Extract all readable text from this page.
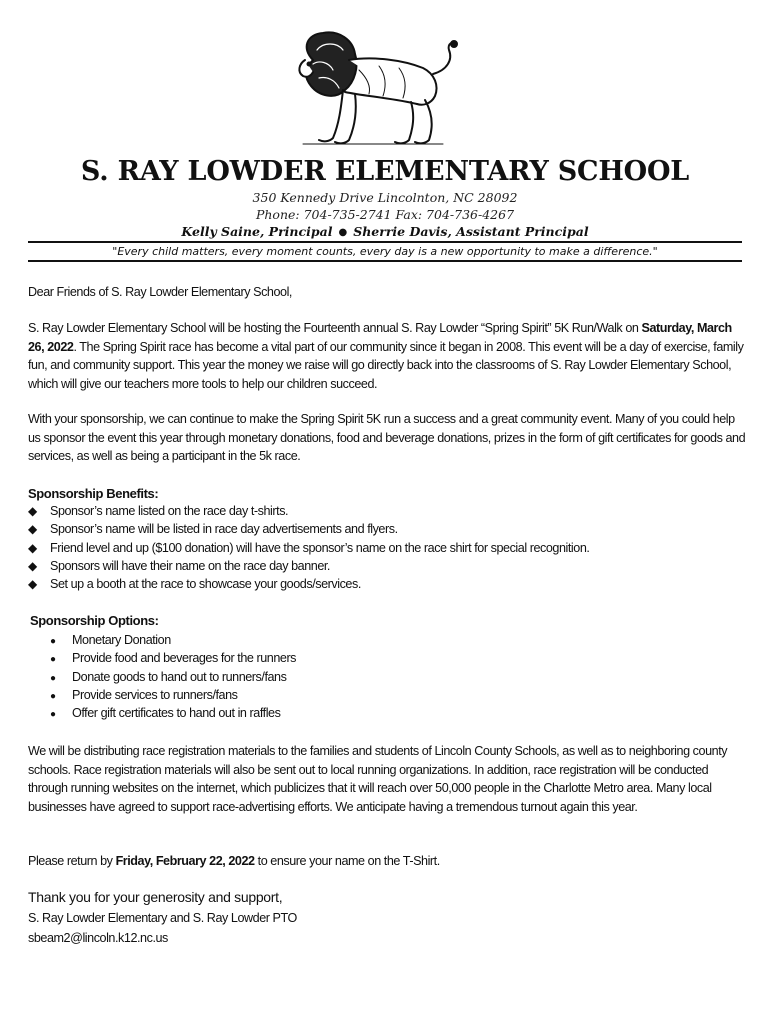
S. RAY LOWDER ELEMENTARY SCHOOL
350 Kennedy Drive Lincolnton, NC 28092
Phone: 704-735-2741 Fax: 704-736-4267
Kelly Saine, Principal ● Sherrie Davis, Assistant Principal
"Every child matters, every moment counts, every day is a new opportunity to make a difference."
Dear Friends of S. Ray Lowder Elementary School,
S. Ray Lowder Elementary School will be hosting the Fourteenth annual S. Ray Lowder “Spring Spirit” 5K Run/Walk on Saturday, March 26, 2022. The Spring Spirit race has become a vital part of our community since it began in 2008. This event will be a day of exercise, family fun, and community support. This year the money we raise will go directly back into the classrooms of S. Ray Lowder Elementary School, which will give our teachers more tools to help our children succeed.
With your sponsorship, we can continue to make the Spring Spirit 5K run a success and a great community event. Many of you could help us sponsor the event this year through monetary donations, food and beverage donations, prizes in the form of gift certificates for goods and services, as well as being a participant in the 5k race.
Sponsorship Benefits:
◆ Sponsor’s name listed on the race day t-shirts.
◆ Sponsor’s name will be listed in race day advertisements and flyers.
◆ Friend level and up ($100 donation) will have the sponsor’s name on the race shirt for special recognition.
◆ Sponsors will have their name on the race day banner.
◆ Set up a booth at the race to showcase your goods/services.
Sponsorship Options:
● Monetary Donation
● Provide food and beverages for the runners
● Donate goods to hand out to runners/fans
● Provide services to runners/fans
● Offer gift certificates to hand out in raffles
We will be distributing race registration materials to the families and students of Lincoln County Schools, as well as to neighboring county schools. Race registration materials will also be sent out to local running organizations. In addition, race registration will be conducted through running websites on the internet, which publicizes that it will reach over 50,000 people in the Charlotte Metro area. Many local businesses have agreed to support race-advertising efforts. We anticipate having a tremendous turnout again this year.
Please return by Friday, February 22, 2022 to ensure your name on the T-Shirt.
Thank you for your generosity and support,
S. Ray Lowder Elementary and S. Ray Lowder PTO
sbeam2@lincoln.k12.nc.us
